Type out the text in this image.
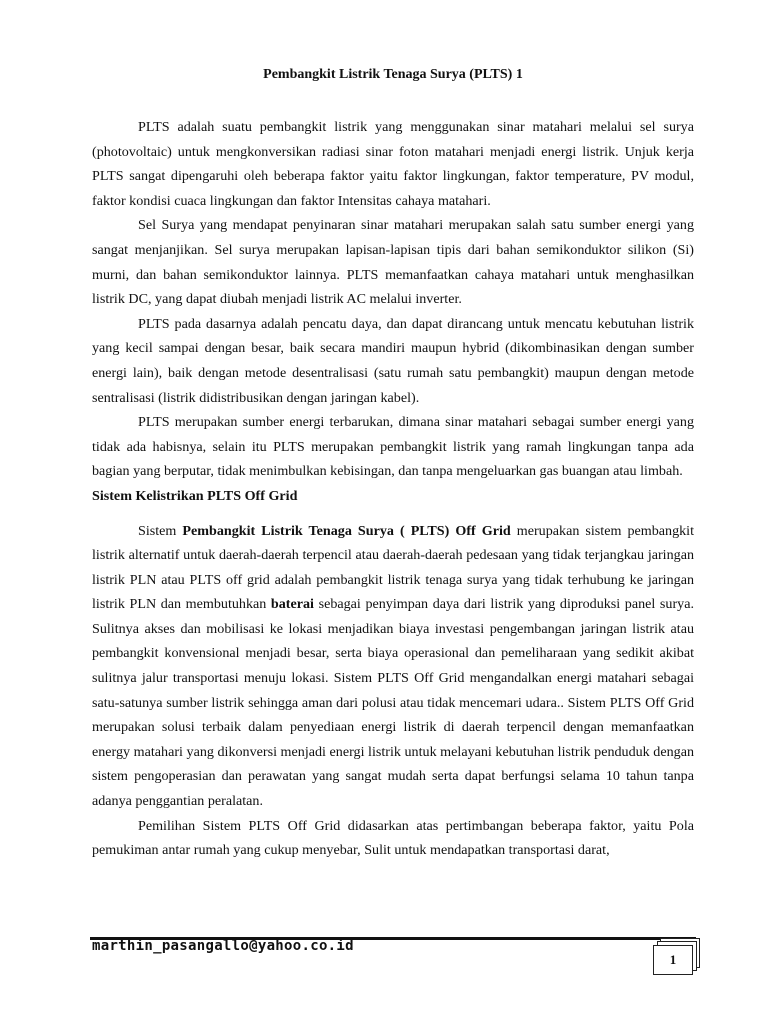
Pembangkit Listrik Tenaga Surya (PLTS) 1

PLTS adalah suatu pembangkit listrik yang menggunakan sinar matahari melalui sel surya (photovoltaic) untuk mengkonversikan radiasi sinar foton matahari menjadi energi listrik. Unjuk kerja PLTS sangat dipengaruhi oleh beberapa faktor yaitu faktor lingkungan, faktor temperature, PV modul, faktor kondisi cuaca lingkungan dan faktor Intensitas cahaya matahari.

Sel Surya yang mendapat penyinaran sinar matahari merupakan salah satu sumber energi yang sangat menjanjikan. Sel surya merupakan lapisan-lapisan tipis dari bahan semikonduktor silikon (Si) murni, dan bahan semikonduktor lainnya. PLTS memanfaatkan cahaya matahari untuk menghasilkan listrik DC, yang dapat diubah menjadi listrik AC melalui inverter.

PLTS pada dasarnya adalah pencatu daya, dan dapat dirancang untuk mencatu kebutuhan listrik yang kecil sampai dengan besar, baik secara mandiri maupun hybrid (dikombinasikan dengan sumber energi lain), baik dengan metode desentralisasi (satu rumah satu pembangkit) maupun dengan metode sentralisasi (listrik didistribusikan dengan jaringan kabel).

PLTS merupakan sumber energi terbarukan, dimana sinar matahari sebagai sumber energi yang tidak ada habisnya, selain itu PLTS merupakan pembangkit listrik yang ramah lingkungan tanpa ada bagian yang berputar, tidak menimbulkan kebisingan, dan tanpa mengeluarkan gas buangan atau limbah.

Sistem Kelistrikan PLTS Off Grid

Sistem Pembangkit Listrik Tenaga Surya ( PLTS) Off Grid merupakan sistem pembangkit listrik alternatif untuk daerah-daerah terpencil atau daerah-daerah pedesaan yang tidak terjangkau jaringan listrik PLN atau PLTS off grid adalah pembangkit listrik tenaga surya yang tidak terhubung ke jaringan listrik PLN dan membutuhkan baterai sebagai penyimpan daya dari listrik yang diproduksi panel surya. Sulitnya akses dan mobilisasi ke lokasi menjadikan biaya investasi pengembangan jaringan listrik atau pembangkit konvensional menjadi besar, serta biaya operasional dan pemeliharaan yang sedikit akibat sulitnya jalur transportasi menuju lokasi. Sistem PLTS Off Grid mengandalkan energi matahari sebagai satu-satunya sumber listrik sehingga aman dari polusi atau tidak mencemari udara.. Sistem PLTS Off Grid merupakan solusi terbaik dalam penyediaan energi listrik di daerah terpencil dengan memanfaatkan energy matahari yang dikonversi menjadi energi listrik untuk melayani kebutuhan listrik penduduk dengan sistem pengoperasian dan perawatan yang sangat mudah serta dapat berfungsi selama 10 tahun tanpa adanya penggantian peralatan.

Pemilihan Sistem PLTS Off Grid didasarkan atas pertimbangan beberapa faktor, yaitu Pola pemukiman antar rumah yang cukup menyebar, Sulit untuk mendapatkan transportasi darat,

marthin_pasangallo@yahoo.co.id
1
